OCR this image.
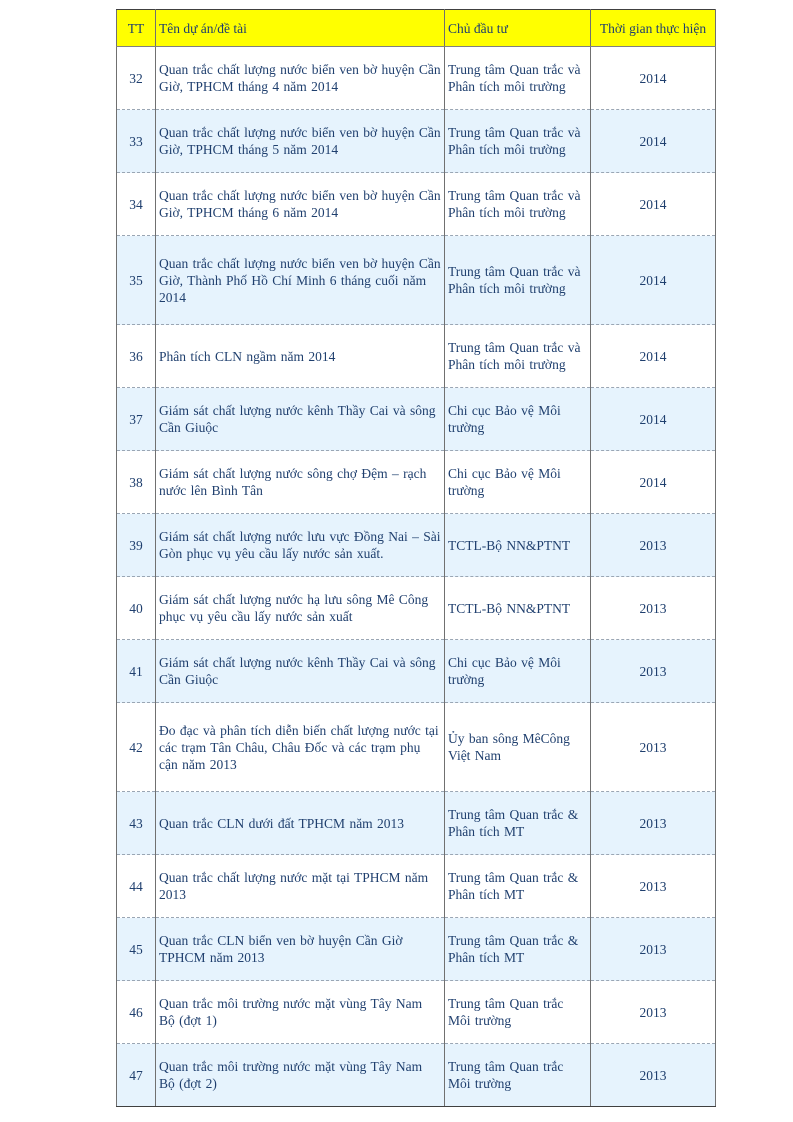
TT	Tên dự án/đề tài	Chủ đầu tư	Thời gian thực hiện
32	Quan trắc chất lượng nước biển ven bờ huyện Cần Giờ, TPHCM tháng 4 năm 2014	Trung tâm Quan trắc và Phân tích môi trường	2014
33	Quan trắc chất lượng nước biển ven bờ huyện Cần Giờ, TPHCM tháng 5 năm 2014	Trung tâm Quan trắc và Phân tích môi trường	2014
34	Quan trắc chất lượng nước biển ven bờ huyện Cần Giờ, TPHCM tháng 6 năm 2014	Trung tâm Quan trắc và Phân tích môi trường	2014
35	Quan trắc chất lượng nước biển ven bờ huyện Cần Giờ, Thành Phố Hồ Chí Minh 6 tháng cuối năm 2014	Trung tâm Quan trắc và Phân tích môi trường	2014
36	Phân tích CLN ngầm năm 2014	Trung tâm Quan trắc và Phân tích môi trường	2014
37	Giám sát chất lượng nước kênh Thầy Cai và sông Cần Giuộc	Chi cục Bảo vệ Môi trường	2014
38	Giám sát chất lượng nước sông chợ Đệm – rạch nước lên Bình Tân	Chi cục Bảo vệ Môi trường	2014
39	Giám sát chất lượng nước lưu vực Đồng Nai – Sài Gòn phục vụ yêu cầu lấy nước sản xuất.	TCTL-Bộ NN&PTNT	2013
40	Giám sát chất lượng nước hạ lưu sông Mê Công phục vụ yêu cầu lấy nước sản xuất	TCTL-Bộ NN&PTNT	2013
41	Giám sát chất lượng nước kênh Thầy Cai và sông Cần Giuộc	Chi cục Bảo vệ Môi trường	2013
42	Đo đạc và phân tích diễn biến chất lượng nước tại các trạm Tân Châu, Châu Đốc và các trạm phụ cận năm 2013	Ủy ban sông MêCông Việt Nam	2013
43	Quan trắc CLN dưới đất TPHCM năm 2013	Trung tâm Quan trắc & Phân tích MT	2013
44	Quan trắc chất lượng nước mặt tại TPHCM năm 2013	Trung tâm Quan trắc & Phân tích MT	2013
45	Quan trắc CLN biển ven bờ huyện Cần Giờ TPHCM năm 2013	Trung tâm Quan trắc & Phân tích MT	2013
46	Quan trắc môi trường nước mặt vùng Tây Nam Bộ (đợt 1)	Trung tâm Quan trắc Môi trường	2013
47	Quan trắc môi trường nước mặt vùng Tây Nam Bộ (đợt 2)	Trung tâm Quan trắc Môi trường	2013
